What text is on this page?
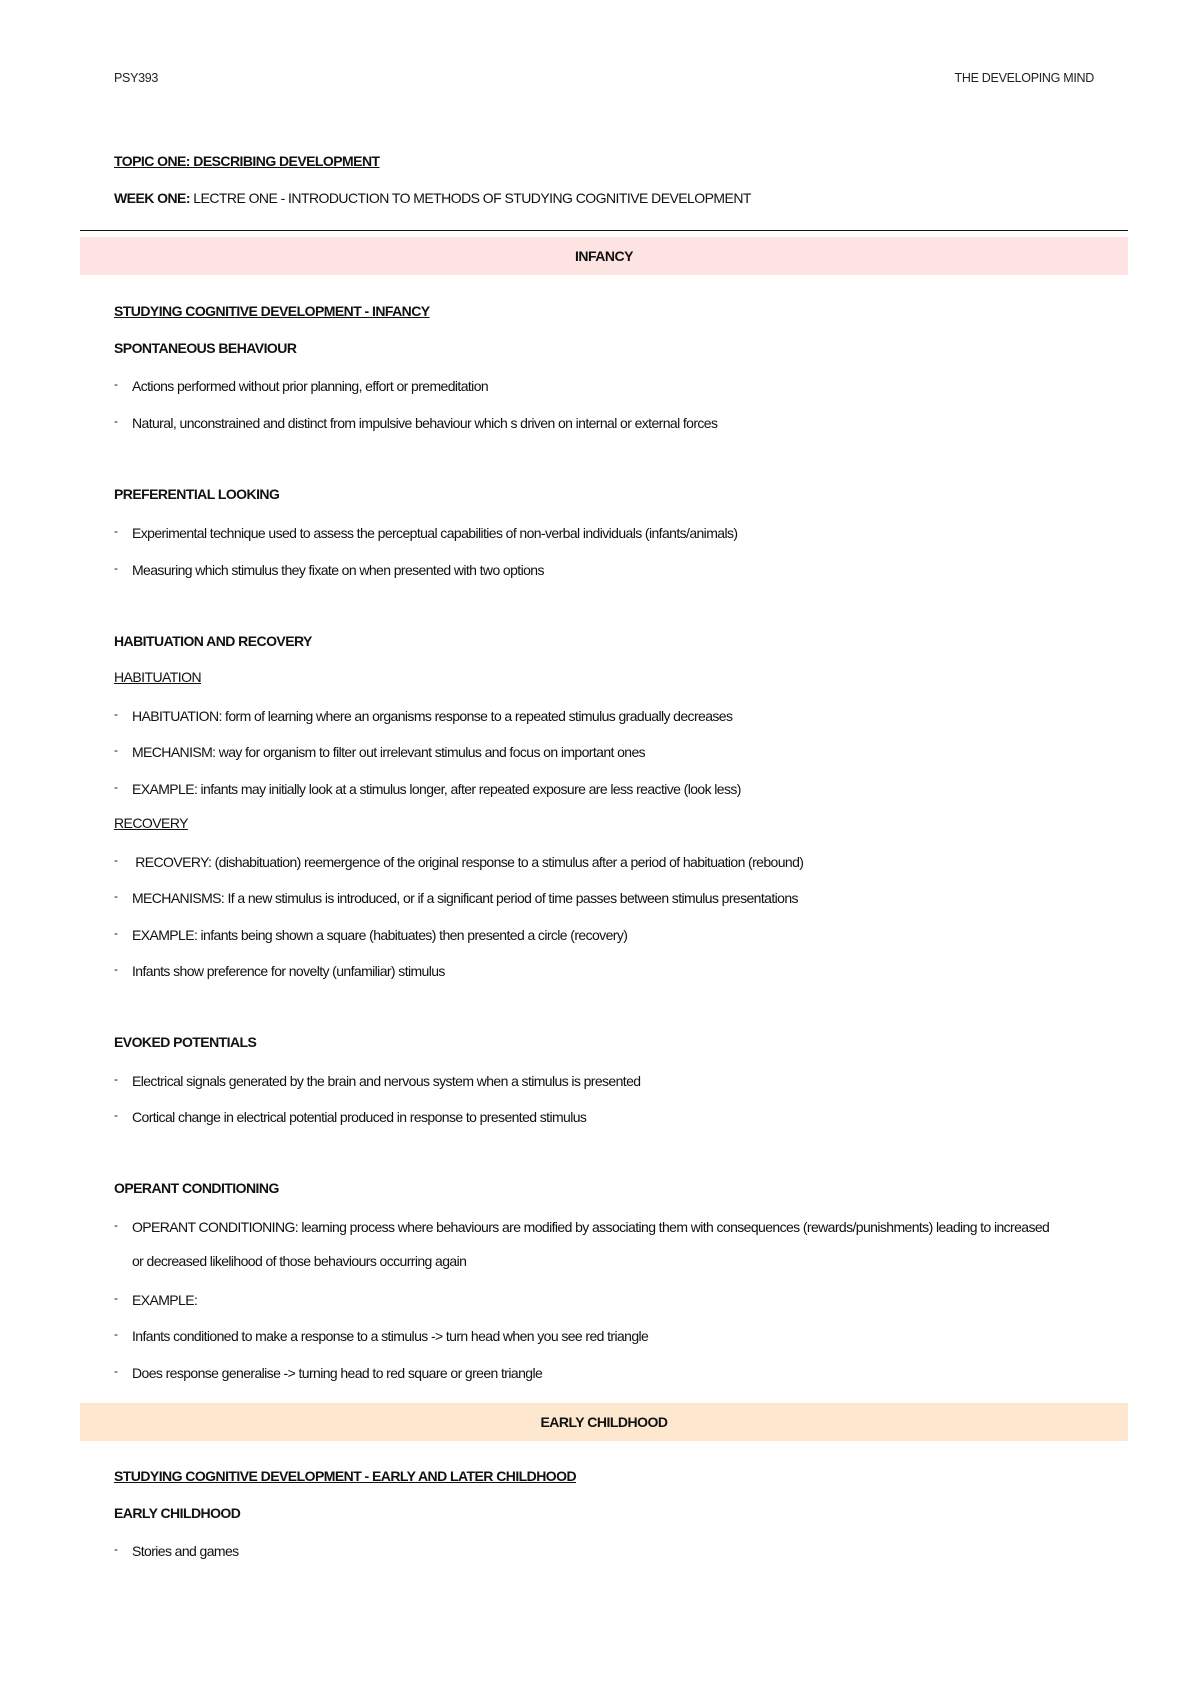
PSY393	THE DEVELOPING MIND
TOPIC ONE: DESCRIBING DEVELOPMENT
WEEK ONE: LECTRE ONE - INTRODUCTION TO METHODS OF STUDYING COGNITIVE DEVELOPMENT
INFANCY
STUDYING COGNITIVE DEVELOPMENT - INFANCY
SPONTANEOUS BEHAVIOUR
- Actions performed without prior planning, effort or premeditation
- Natural, unconstrained and distinct from impulsive behaviour which s driven on internal or external forces
PREFERENTIAL LOOKING
- Experimental technique used to assess the perceptual capabilities of non-verbal individuals (infants/animals)
- Measuring which stimulus they fixate on when presented with two options
HABITUATION AND RECOVERY
HABITUATION
- HABITUATION: form of learning where an organisms response to a repeated stimulus gradually decreases
- MECHANISM: way for organism to filter out irrelevant stimulus and focus on important ones
- EXAMPLE: infants may initially look at a stimulus longer, after repeated exposure are less reactive (look less)
RECOVERY
- RECOVERY: (dishabituation) reemergence of the original response to a stimulus after a period of habituation (rebound)
- MECHANISMS: If a new stimulus is introduced, or if a significant period of time passes between stimulus presentations
- EXAMPLE: infants being shown a square (habituates) then presented a circle (recovery)
- Infants show preference for novelty (unfamiliar) stimulus
EVOKED POTENTIALS
- Electrical signals generated by the brain and nervous system when a stimulus is presented
- Cortical change in electrical potential produced in response to presented stimulus
OPERANT CONDITIONING
- OPERANT CONDITIONING: learning process where behaviours are modified by associating them with consequences (rewards/punishments) leading to increased
or decreased likelihood of those behaviours occurring again
- EXAMPLE:
- Infants conditioned to make a response to a stimulus -> turn head when you see red triangle
- Does response generalise -> turning head to red square or green triangle
EARLY CHILDHOOD
STUDYING COGNITIVE DEVELOPMENT - EARLY AND LATER CHILDHOOD
EARLY CHILDHOOD
- Stories and games
